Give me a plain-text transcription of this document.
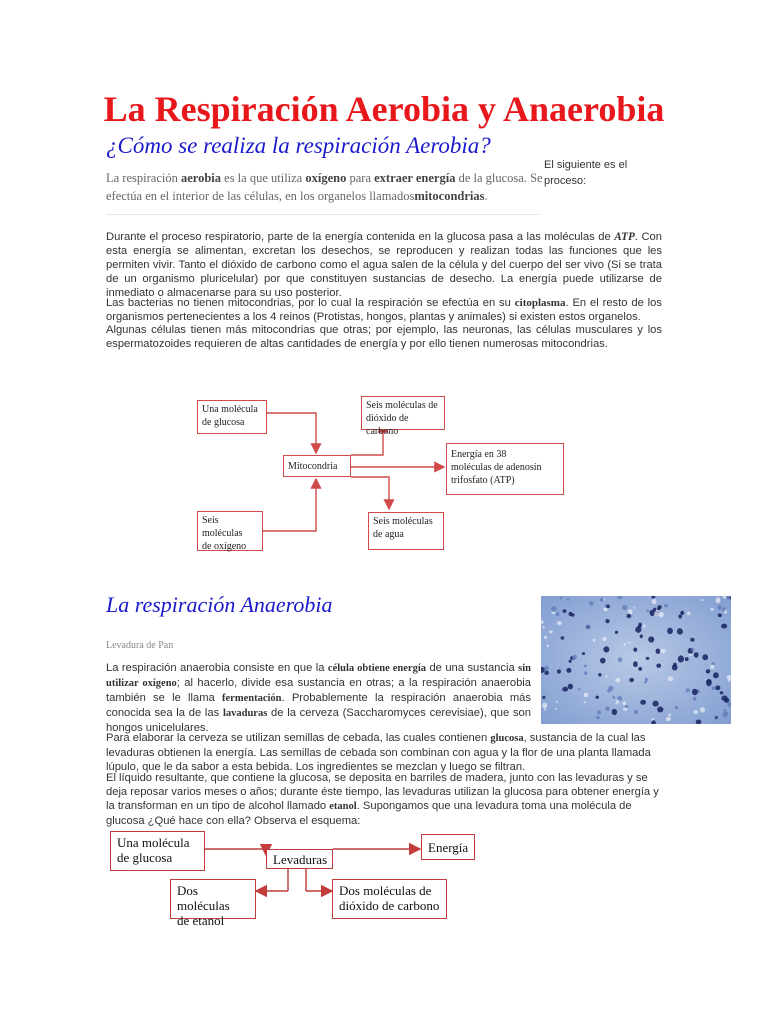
La Respiración Aerobia y Anaerobia
¿Cómo se realiza la respiración Aerobia?
El siguiente es el proceso:
La respiración aerobia es la que utiliza oxígeno para extraer energía de la glucosa. Se efectúa en el interior de las células, en los organelos llamadosmitocondrias.
Durante el proceso respiratorio, parte de la energía contenida en la glucosa pasa a las moléculas de ATP. Con esta energía se alimentan, excretan los desechos, se reproducen y realizan todas las funciones que les permiten vivir. Tanto el dióxido de carbono como el agua salen de la célula y del cuerpo del ser vivo (Si se trata de un organismo pluricelular) por que constituyen sustancias de desecho. La energía puede utilizarse de inmediato o almacenarse para su uso posterior.
Las bacterias no tienen mitocondrias, por lo cual la respiración se efectúa en su citoplasma. En el resto de los organismos pertenecientes a los 4 reinos (Protistas, hongos, plantas y animales) si existen estos organelos.
Algunas células tienen más mitocondrias que otras; por ejemplo, las neuronas, las células musculares y los espermatozoides requieren de altas cantidades de energía y por ello tienen numerosas mitocondrias.
Una molécula
de glucosa
Seis moléculas
de oxígeno
Mitocondria
Seis moléculas de
dióxido de carbono
Energía en 38
moléculas de adenosín
trifosfato (ATP)
Seis moléculas
de agua
La respiración Anaerobia
Levadura de Pan
La respiración anaerobia consiste en que la célula obtiene energía de una sustancia sin utilizar oxígeno; al hacerlo, divide esa sustancia en otras; a la respiración anaerobia también se le llama fermentación. Probablemente la respiración anaerobia más conocida sea la de las lavaduras de la cerveza (Saccharomyces cerevisiae), que son hongos unicelulares.
Para elaborar la cerveza se utilizan semillas de cebada, las cuales contienen glucosa, sustancia de la cual las levaduras obtienen la energía. Las semillas de cebada son combinan con agua y la flor de una planta llamada lúpulo, que le da sabor a esta bebida. Los ingredientes se mezclan y luego se filtran.
El líquido resultante, que contiene la glucosa, se deposita en barriles de madera, junto con las levaduras y se deja reposar varios meses o años; durante éste tiempo, las levaduras utilizan la glucosa para obtener energía y la transforman en un tipo de alcohol llamado etanol. Supongamos que una levadura toma una molécula de glucosa ¿Qué hace con ella? Observa el esquema:
Una molécula
de glucosa	Levaduras
Energía
Dos moléculas
de etanol
Dos moléculas de
dióxido de carbono
